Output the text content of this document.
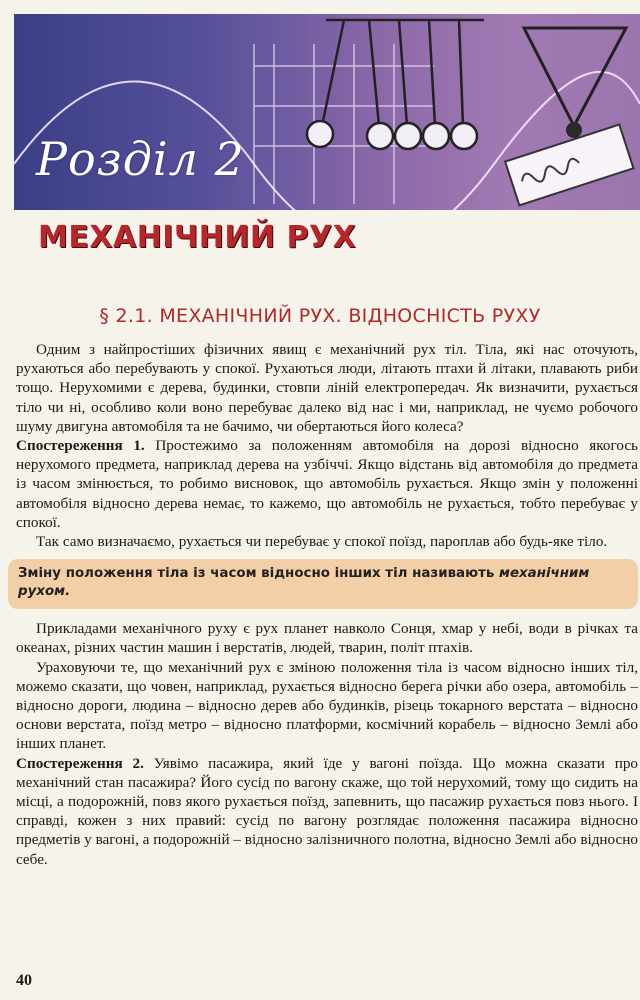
Розділ 2
МЕХАНІЧНИЙ РУХ
§ 2.1. МЕХАНІЧНИЙ РУХ. ВІДНОСНІСТЬ РУХУ

Одним з найпростіших фізичних явищ є механічний рух тіл. Тіла, які нас оточують, рухаються або перебувають у спокої. Рухаються люди, літають птахи й літаки, плавають риби тощо. Нерухомими є дерева, будинки, стовпи ліній електропередач. Як визначити, рухається тіло чи ні, особливо коли воно перебуває далеко від нас і ми, наприклад, не чуємо робочого шуму двигуна автомобіля та не бачимо, чи обертаються його колеса?

Спостереження 1. Простежимо за положенням автомобіля на дорозі відносно якогось нерухомого предмета, наприклад дерева на узбіччі. Якщо відстань від автомобіля до предмета із часом змінюється, то робимо висновок, що автомобіль рухається. Якщо змін у положенні автомобіля відносно дерева немає, то кажемо, що автомобіль не рухається, тобто перебуває у спокої.

Так само визначаємо, рухається чи перебуває у спокої поїзд, пароплав або будь-яке тіло.

Зміну положення тіла із часом відносно інших тіл називають механічним рухом.

Прикладами механічного руху є рух планет навколо Сонця, хмар у небі, води в річках та океанах, різних частин машин і верстатів, людей, тварин, політ птахів.

Ураховуючи те, що механічний рух є зміною положення тіла із часом відносно інших тіл, можемо сказати, що човен, наприклад, рухається відносно берега річки або озера, автомобіль – відносно дороги, людина – відносно дерев або будинків, різець токарного верстата – відносно основи верстата, поїзд метро – відносно платформи, космічний корабель – відносно Землі або інших планет.

Спостереження 2. Уявімо пасажира, який їде у вагоні поїзда. Що можна сказати про механічний стан пасажира? Його сусід по вагону скаже, що той нерухомий, тому що сидить на місці, а подорожній, повз якого рухається поїзд, запевнить, що пасажир рухається повз нього. І справді, кожен з них правий: сусід по вагону розглядає положення пасажира відносно предметів у вагоні, а подорожній – відносно залізничного полотна, відносно Землі або відносно себе.

40
